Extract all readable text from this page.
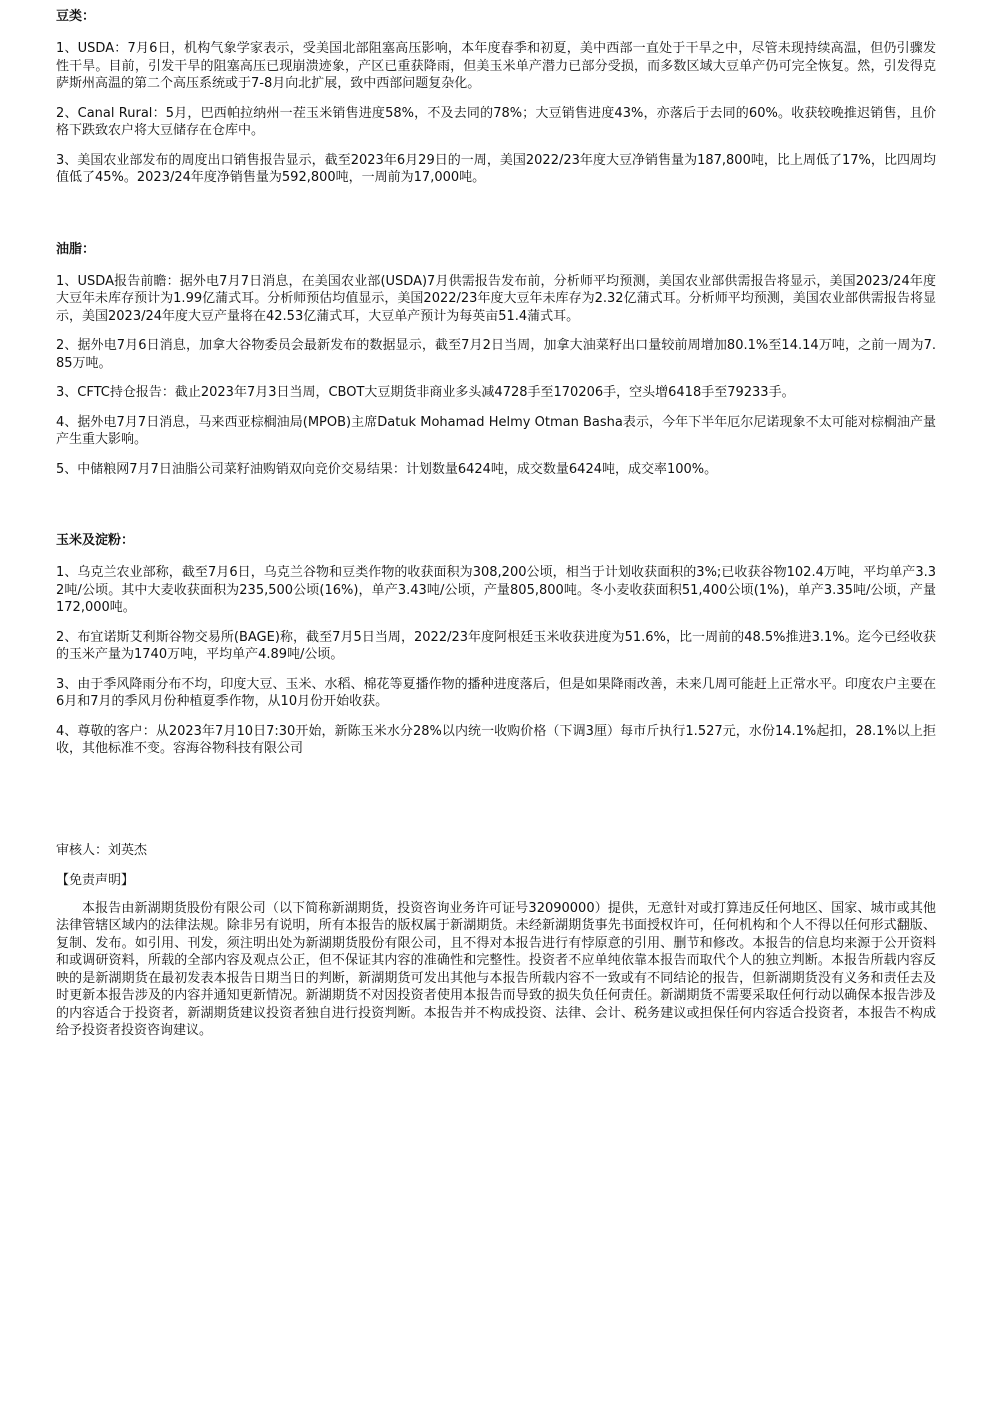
豆类：

1、USDA：7月6日，机构气象学家表示，受美国北部阻塞高压影响，本年度春季和初夏，美中西部一直处于干旱之中，尽管未现持续高温，但仍引骤发性干旱。目前，引发干旱的阻塞高压已现崩溃迹象，产区已重获降雨，但美玉米单产潜力已部分受损，而多数区域大豆单产仍可完全恢复。然，引发得克萨斯州高温的第二个高压系统或于7-8月向北扩展，致中西部问题复杂化。

2、Canal Rural：5月，巴西帕拉纳州一茬玉米销售进度58%，不及去同的78%；大豆销售进度43%，亦落后于去同的60%。收获较晚推迟销售，且价格下跌致农户将大豆储存在仓库中。

3、美国农业部发布的周度出口销售报告显示，截至2023年6月29日的一周，美国2022/23年度大豆净销售量为187,800吨，比上周低了17%，比四周均值低了45%。2023/24年度净销售量为592,800吨，一周前为17,000吨。

油脂：

1、USDA报告前瞻：据外电7月7日消息，在美国农业部(USDA)7月供需报告发布前，分析师平均预测，美国农业部供需报告将显示，美国2023/24年度大豆年未库存预计为1.99亿蒲式耳。分析师预估均值显示，美国2022/23年度大豆年未库存为2.32亿蒲式耳。分析师平均预测，美国农业部供需报告将显示，美国2023/24年度大豆产量将在42.53亿蒲式耳，大豆单产预计为每英亩51.4蒲式耳。

2、据外电7月6日消息，加拿大谷物委员会最新发布的数据显示，截至7月2日当周，加拿大油菜籽出口量较前周增加80.1%至14.14万吨，之前一周为7.85万吨。

3、CFTC持仓报告：截止2023年7月3日当周，CBOT大豆期货非商业多头减4728手至170206手，空头增6418手至79233手。

4、据外电7月7日消息，马来西亚棕榈油局(MPOB)主席Datuk Mohamad Helmy Otman Basha表示，今年下半年厄尔尼诺现象不太可能对棕榈油产量产生重大影响。

5、中储粮网7月7日油脂公司菜籽油购销双向竞价交易结果：计划数量6424吨，成交数量6424吨，成交率100%。

玉米及淀粉：

1、乌克兰农业部称，截至7月6日，乌克兰谷物和豆类作物的收获面积为308,200公顷，相当于计划收获面积的3%;已收获谷物102.4万吨，平均单产3.32吨/公顷。其中大麦收获面积为235,500公顷(16%)，单产3.43吨/公顷，产量805,800吨。冬小麦收获面积51,400公顷(1%)，单产3.35吨/公顷，产量172,000吨。

2、布宜诺斯艾利斯谷物交易所(BAGE)称，截至7月5日当周，2022/23年度阿根廷玉米收获进度为51.6%，比一周前的48.5%推进3.1%。迄今已经收获的玉米产量为1740万吨，平均单产4.89吨/公顷。

3、由于季风降雨分布不均，印度大豆、玉米、水稻、棉花等夏播作物的播种进度落后，但是如果降雨改善，未来几周可能赶上正常水平。印度农户主要在6月和7月的季风月份种植夏季作物，从10月份开始收获。

4、尊敬的客户：从2023年7月10日7:30开始，新陈玉米水分28%以内统一收购价格（下调3厘）每市斤执行1.527元，水份14.1%起扣，28.1%以上拒收，其他标准不变。容海谷物科技有限公司

审核人：刘英杰
【免责声明】

本报告由新湖期货股份有限公司（以下简称新湖期货，投资咨询业务许可证号32090000）提供，无意针对或打算违反任何地区、国家、城市或其他法律管辖区域内的法律法规。除非另有说明，所有本报告的版权属于新湖期货。未经新湖期货事先书面授权许可，任何机构和个人不得以任何形式翻版、复制、发布。如引用、刊发，须注明出处为新湖期货股份有限公司，且不得对本报告进行有悖原意的引用、删节和修改。本报告的信息均来源于公开资料和或调研资料，所载的全部内容及观点公正，但不保证其内容的准确性和完整性。投资者不应单纯依靠本报告而取代个人的独立判断。本报告所载内容反映的是新湖期货在最初发表本报告日期当日的判断，新湖期货可发出其他与本报告所载内容不一致或有不同结论的报告，但新湖期货没有义务和责任去及时更新本报告涉及的内容并通知更新情况。新湖期货不对因投资者使用本报告而导致的损失负任何责任。新湖期货不需要采取任何行动以确保本报告涉及的内容适合于投资者，新湖期货建议投资者独自进行投资判断。本报告并不构成投资、法律、会计、税务建议或担保任何内容适合投资者，本报告不构成给予投资者投资咨询建议。
